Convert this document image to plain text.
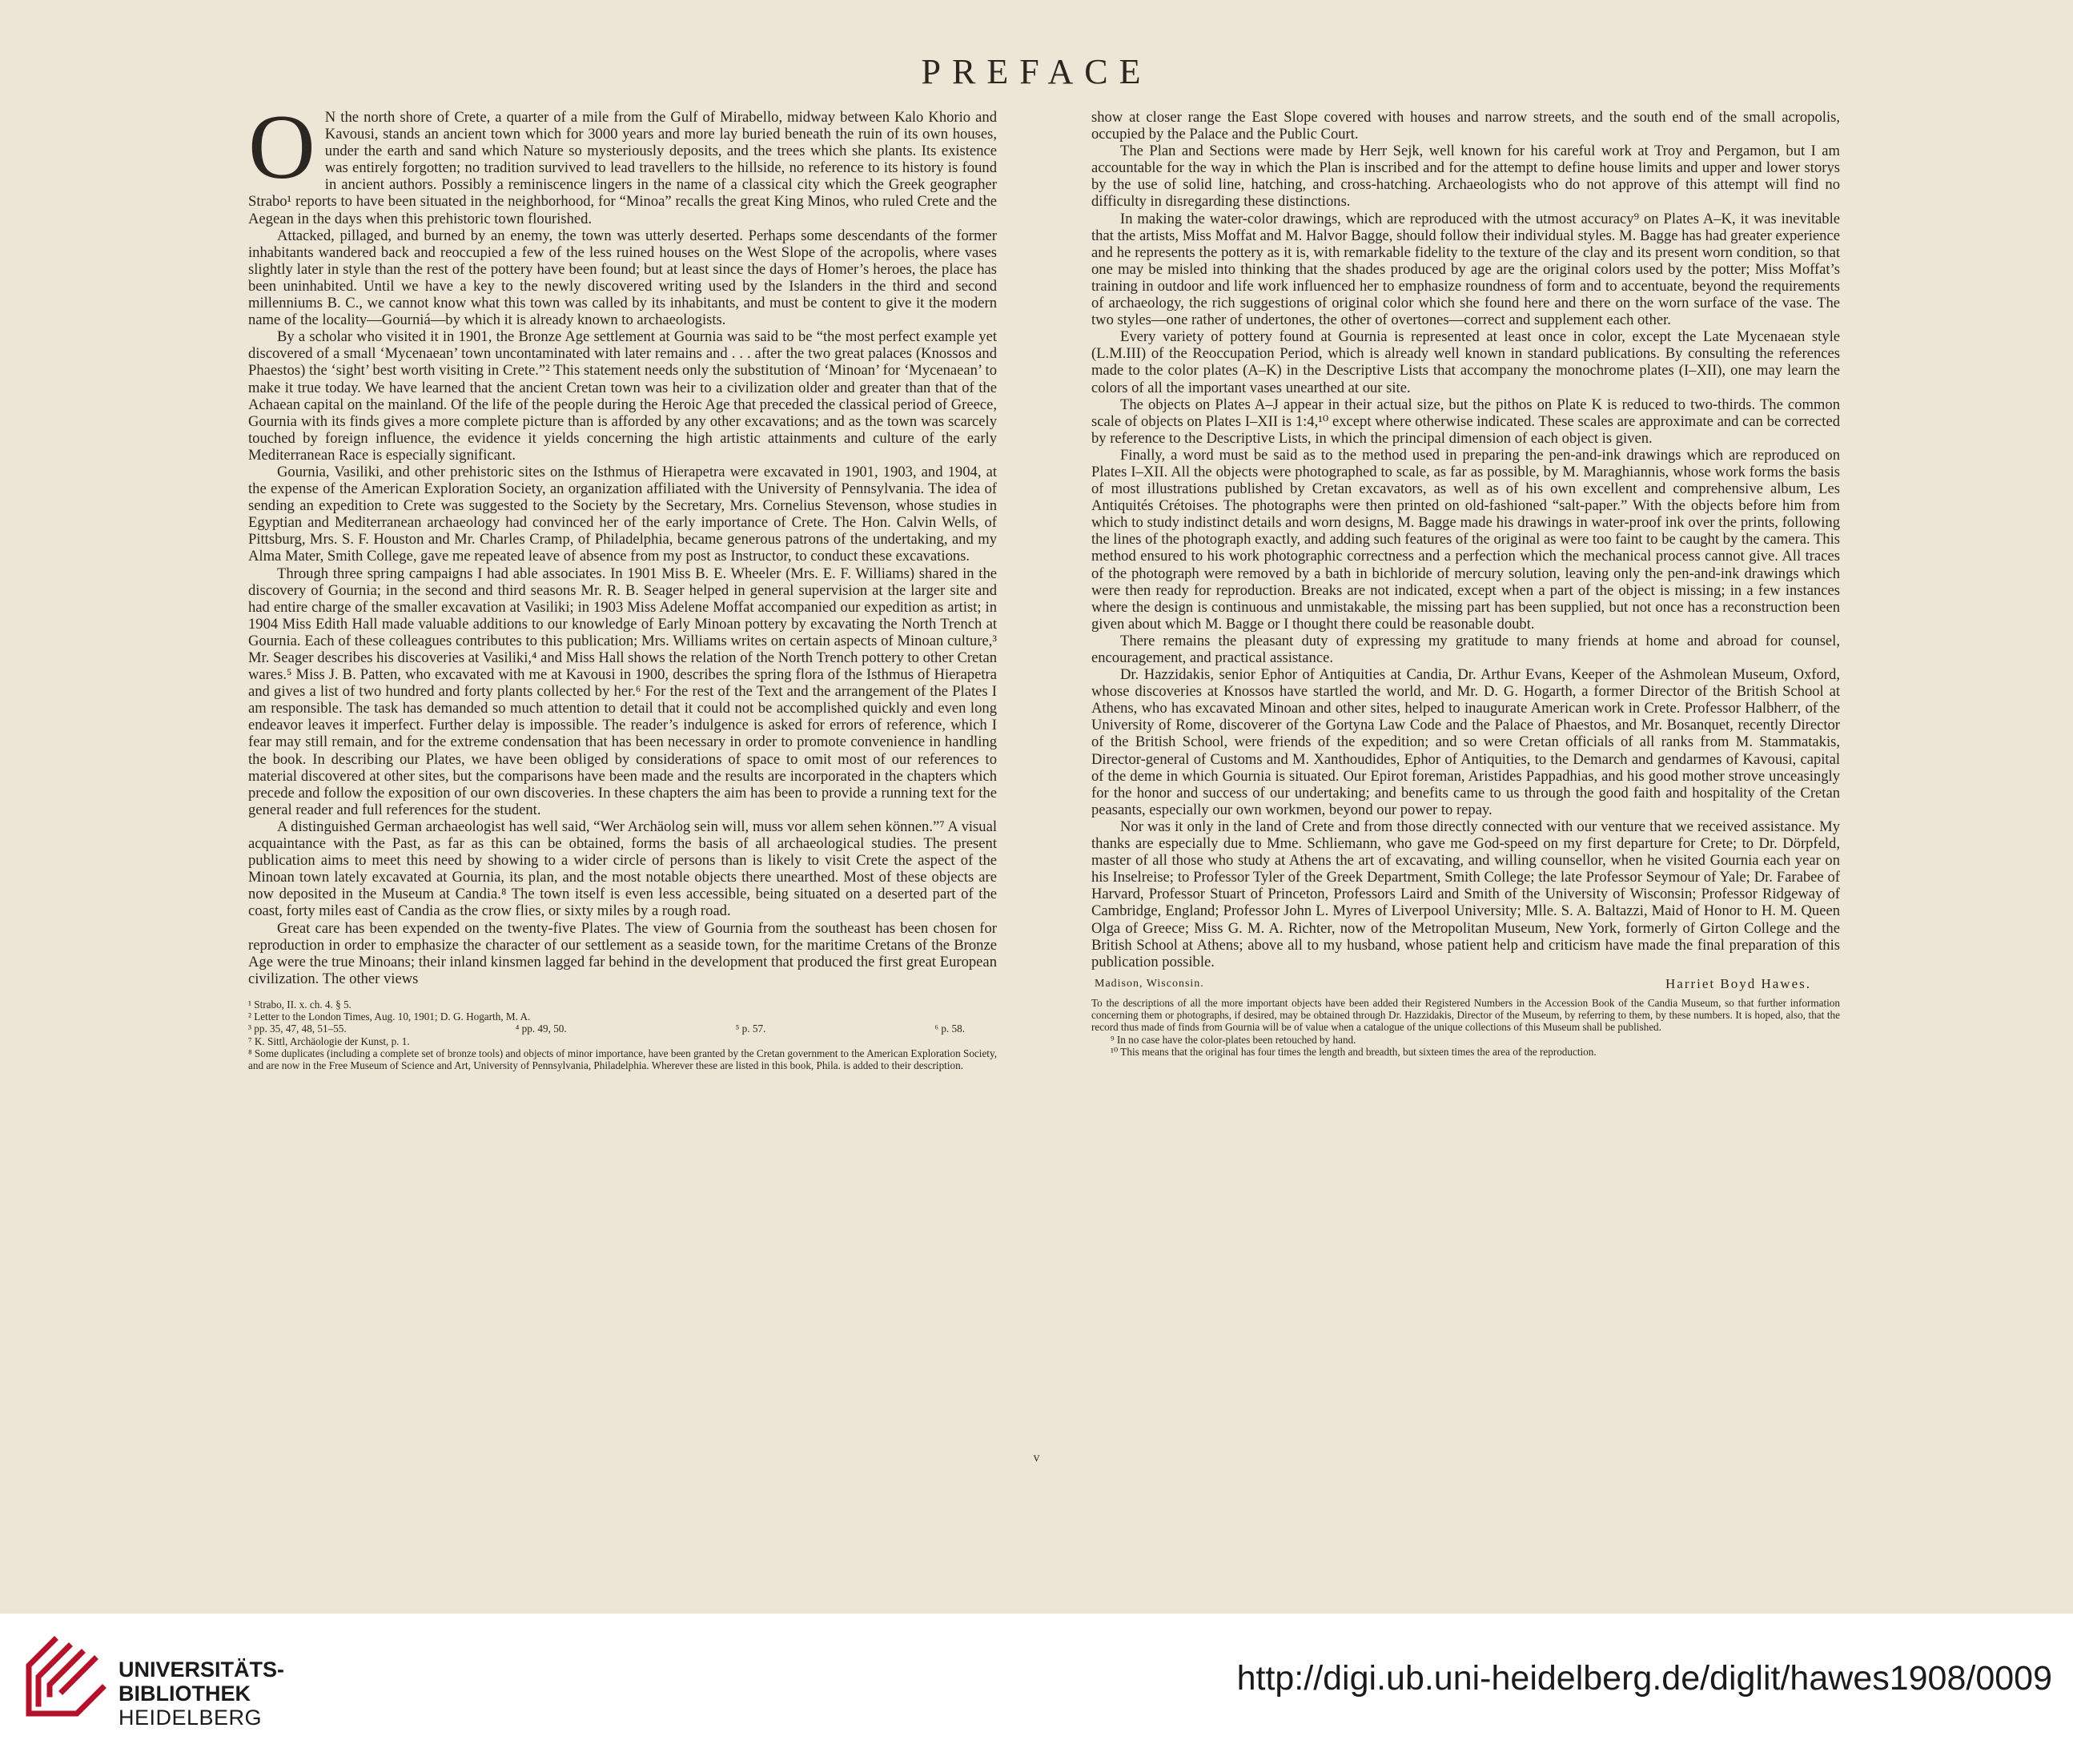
PREFACE

O N the north shore of Crete, a quarter of a mile from the Gulf of Mirabello, midway between Kalo Khorio and Kavousi, stands an ancient town which for 3000 years and more lay buried beneath the ruin of its own houses, under the earth and sand which Nature so mysteriously deposits, and the trees which she plants. Its existence was entirely forgotten; no tradition survived to lead travellers to the hillside, no reference to its history is found in ancient authors. Possibly a reminiscence lingers in the name of a classical city which the Greek geographer Strabo¹ reports to have been situated in the neighborhood, for “Minoa” recalls the great King Minos, who ruled Crete and the Aegean in the days when this prehistoric town flourished.

Attacked, pillaged, and burned by an enemy, the town was utterly deserted. Perhaps some descendants of the former inhabitants wandered back and reoccupied a few of the less ruined houses on the West Slope of the acropolis, where vases slightly later in style than the rest of the pottery have been found; but at least since the days of Homer’s heroes, the place has been uninhabited. Until we have a key to the newly discovered writing used by the Islanders in the third and second millenniums B. C., we cannot know what this town was called by its inhabitants, and must be content to give it the modern name of the locality—Gourniá—by which it is already known to archaeologists.

By a scholar who visited it in 1901, the Bronze Age settlement at Gournia was said to be “the most perfect example yet discovered of a small ‘Mycenaean’ town uncontaminated with later remains and . . . after the two great palaces (Knossos and Phaestos) the ‘sight’ best worth visiting in Crete.”² This statement needs only the substitution of ‘Minoan’ for ‘Mycenaean’ to make it true today. We have learned that the ancient Cretan town was heir to a civilization older and greater than that of the Achaean capital on the mainland. Of the life of the people during the Heroic Age that preceded the classical period of Greece, Gournia with its finds gives a more complete picture than is afforded by any other excavations; and as the town was scarcely touched by foreign influence, the evidence it yields concerning the high artistic attainments and culture of the early Mediterranean Race is especially significant.

Gournia, Vasiliki, and other prehistoric sites on the Isthmus of Hierapetra were excavated in 1901, 1903, and 1904, at the expense of the American Exploration Society, an organization affiliated with the University of Pennsylvania. The idea of sending an expedition to Crete was suggested to the Society by the Secretary, Mrs. Cornelius Stevenson, whose studies in Egyptian and Mediterranean archaeology had convinced her of the early importance of Crete. The Hon. Calvin Wells, of Pittsburg, Mrs. S. F. Houston and Mr. Charles Cramp, of Philadelphia, became generous patrons of the undertaking, and my Alma Mater, Smith College, gave me repeated leave of absence from my post as Instructor, to conduct these excavations.

Through three spring campaigns I had able associates. In 1901 Miss B. E. Wheeler (Mrs. E. F. Williams) shared in the discovery of Gournia; in the second and third seasons Mr. R. B. Seager helped in general supervision at the larger site and had entire charge of the smaller excavation at Vasiliki; in 1903 Miss Adelene Moffat accompanied our expedition as artist; in 1904 Miss Edith Hall made valuable additions to our knowledge of Early Minoan pottery by excavating the North Trench at Gournia. Each of these colleagues contributes to this publication; Mrs. Williams writes on certain aspects of Minoan culture,³ Mr. Seager describes his discoveries at Vasiliki,⁴ and Miss Hall shows the relation of the North Trench pottery to other Cretan wares.⁵ Miss J. B. Patten, who excavated with me at Kavousi in 1900, describes the spring flora of the Isthmus of Hierapetra and gives a list of two hundred and forty plants collected by her.⁶ For the rest of the Text and the arrangement of the Plates I am responsible. The task has demanded so much attention to detail that it could not be accomplished quickly and even long endeavor leaves it imperfect. Further delay is impossible. The reader’s indulgence is asked for errors of reference, which I fear may still remain, and for the extreme condensation that has been necessary in order to promote convenience in handling the book. In describing our Plates, we have been obliged by considerations of space to omit most of our references to material discovered at other sites, but the comparisons have been made and the results are incorporated in the chapters which precede and follow the exposition of our own discoveries. In these chapters the aim has been to provide a running text for the general reader and full references for the student.

A distinguished German archaeologist has well said, “Wer Archäolog sein will, muss vor allem sehen können.”⁷ A visual acquaintance with the Past, as far as this can be obtained, forms the basis of all archaeological studies. The present publication aims to meet this need by showing to a wider circle of persons than is likely to visit Crete the aspect of the Minoan town lately excavated at Gournia, its plan, and the most notable objects there unearthed. Most of these objects are now deposited in the Museum at Candia.⁸ The town itself is even less accessible, being situated on a deserted part of the coast, forty miles east of Candia as the crow flies, or sixty miles by a rough road.

Great care has been expended on the twenty-five Plates. The view of Gournia from the southeast has been chosen for reproduction in order to emphasize the character of our settlement as a seaside town, for the maritime Cretans of the Bronze Age were the true Minoans; their inland kinsmen lagged far behind in the development that produced the first great European civilization. The other views

¹ Strabo, II. x. ch. 4. § 5.

² Letter to the London Times, Aug. 10, 1901; D. G. Hogarth, M. A.

³ pp. 35, 47, 48, 51–55.	⁴ pp. 49, 50.	⁵ p. 57.	⁶ p. 58.

⁷ K. Sittl, Archäologie der Kunst, p. 1.

⁸ Some duplicates (including a complete set of bronze tools) and objects of minor importance, have been granted by the Cretan government to the American Exploration Society, and are now in the Free Museum of Science and Art, University of Pennsylvania, Philadelphia. Wherever these are listed in this book, Phila. is added to their description.

show at closer range the East Slope covered with houses and narrow streets, and the south end of the small acropolis, occupied by the Palace and the Public Court.

The Plan and Sections were made by Herr Sejk, well known for his careful work at Troy and Pergamon, but I am accountable for the way in which the Plan is inscribed and for the attempt to define house limits and upper and lower storys by the use of solid line, hatching, and cross-hatching. Archaeologists who do not approve of this attempt will find no difficulty in disregarding these distinctions.

In making the water-color drawings, which are reproduced with the utmost accuracy⁹ on Plates A–K, it was inevitable that the artists, Miss Moffat and M. Halvor Bagge, should follow their individual styles. M. Bagge has had greater experience and he represents the pottery as it is, with remarkable fidelity to the texture of the clay and its present worn condition, so that one may be misled into thinking that the shades produced by age are the original colors used by the potter; Miss Moffat’s training in outdoor and life work influenced her to emphasize roundness of form and to accentuate, beyond the requirements of archaeology, the rich suggestions of original color which she found here and there on the worn surface of the vase. The two styles—one rather of undertones, the other of overtones—correct and supplement each other.

Every variety of pottery found at Gournia is represented at least once in color, except the Late Mycenaean style (L.M.III) of the Reoccupation Period, which is already well known in standard publications. By consulting the references made to the color plates (A–K) in the Descriptive Lists that accompany the monochrome plates (I–XII), one may learn the colors of all the important vases unearthed at our site.

The objects on Plates A–J appear in their actual size, but the pithos on Plate K is reduced to two-thirds. The common scale of objects on Plates I–XII is 1:4,¹⁰ except where otherwise indicated. These scales are approximate and can be corrected by reference to the Descriptive Lists, in which the principal dimension of each object is given.

Finally, a word must be said as to the method used in preparing the pen-and-ink drawings which are reproduced on Plates I–XII. All the objects were photographed to scale, as far as possible, by M. Maraghiannis, whose work forms the basis of most illustrations published by Cretan excavators, as well as of his own excellent and comprehensive album, Les Antiquités Crétoises. The photographs were then printed on old-fashioned “salt-paper.” With the objects before him from which to study indistinct details and worn designs, M. Bagge made his drawings in water-proof ink over the prints, following the lines of the photograph exactly, and adding such features of the original as were too faint to be caught by the camera. This method ensured to his work photographic correctness and a perfection which the mechanical process cannot give. All traces of the photograph were removed by a bath in bichloride of mercury solution, leaving only the pen-and-ink drawings which were then ready for reproduction. Breaks are not indicated, except when a part of the object is missing; in a few instances where the design is continuous and unmistakable, the missing part has been supplied, but not once has a reconstruction been given about which M. Bagge or I thought there could be reasonable doubt.

There remains the pleasant duty of expressing my gratitude to many friends at home and abroad for counsel, encouragement, and practical assistance.

Dr. Hazzidakis, senior Ephor of Antiquities at Candia, Dr. Arthur Evans, Keeper of the Ashmolean Museum, Oxford, whose discoveries at Knossos have startled the world, and Mr. D. G. Hogarth, a former Director of the British School at Athens, who has excavated Minoan and other sites, helped to inaugurate American work in Crete. Professor Halbherr, of the University of Rome, discoverer of the Gortyna Law Code and the Palace of Phaestos, and Mr. Bosanquet, recently Director of the British School, were friends of the expedition; and so were Cretan officials of all ranks from M. Stammatakis, Director-general of Customs and M. Xanthoudides, Ephor of Antiquities, to the Demarch and gendarmes of Kavousi, capital of the deme in which Gournia is situated. Our Epirot foreman, Aristides Pappadhias, and his good mother strove unceasingly for the honor and success of our undertaking; and benefits came to us through the good faith and hospitality of the Cretan peasants, especially our own workmen, beyond our power to repay.

Nor was it only in the land of Crete and from those directly connected with our venture that we received assistance. My thanks are especially due to Mme. Schliemann, who gave me God-speed on my first departure for Crete; to Dr. Dörpfeld, master of all those who study at Athens the art of excavating, and willing counsellor, when he visited Gournia each year on his Inselreise; to Professor Tyler of the Greek Department, Smith College; the late Professor Seymour of Yale; Dr. Farabee of Harvard, Professor Stuart of Princeton, Professors Laird and Smith of the University of Wisconsin; Professor Ridgeway of Cambridge, England; Professor John L. Myres of Liverpool University; Mlle. S. A. Baltazzi, Maid of Honor to H. M. Queen Olga of Greece; Miss G. M. A. Richter, now of the Metropolitan Museum, New York, formerly of Girton College and the British School at Athens; above all to my husband, whose patient help and criticism have made the final preparation of this publication possible.

Madison, Wisconsin.	Harriet Boyd Hawes.

To the descriptions of all the more important objects have been added their Registered Numbers in the Accession Book of the Candia Museum, so that further information concerning them or photographs, if desired, may be obtained through Dr. Hazzidakis, Director of the Museum, by referring to them, by these numbers. It is hoped, also, that the record thus made of finds from Gournia will be of value when a catalogue of the unique collections of this Museum shall be published.

⁹ In no case have the color-plates been retouched by hand.

¹⁰ This means that the original has four times the length and breadth, but sixteen times the area of the reproduction.

v
UNIVERSITÄTS-
BIBLIOTHEK
HEIDELBERG
http://digi.ub.uni-heidelberg.de/diglit/hawes1908/0009
